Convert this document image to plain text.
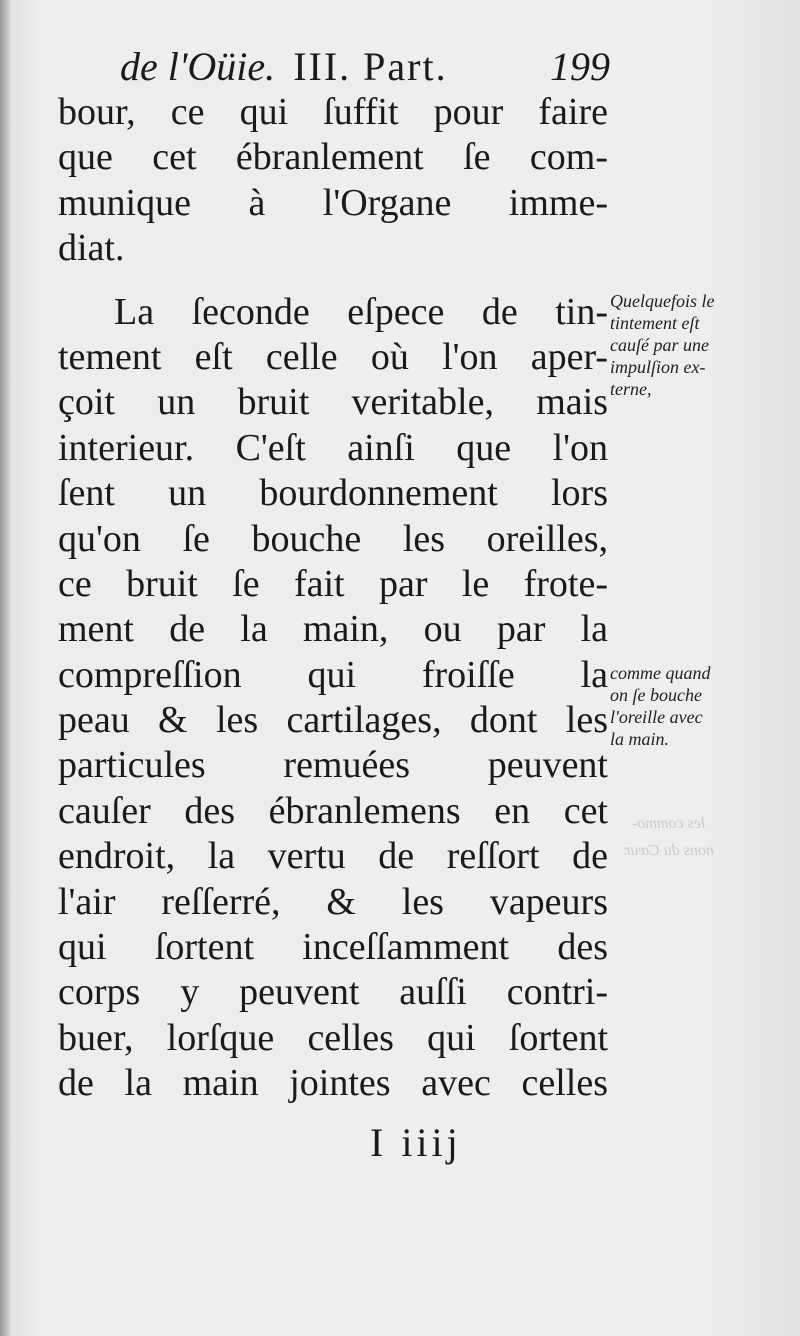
de l'Oüie. III. Part.	199
bour, ce qui ſuffit pour faire
que cet ébranlement ſe com-
munique à l'Organe imme-
diat.
La ſeconde eſpece de tin-
tement eſt celle où l'on aper-
çoit un bruit veritable, mais
interieur. C'eſt ainſi que l'on
ſent un bourdonnement lors
qu'on ſe bouche les oreilles,
ce bruit ſe fait par le frote-
ment de la main, ou par la
compreſſion qui froiſſe la
peau & les cartilages, dont les
particules remuées peuvent
cauſer des ébranlemens en cet
endroit, la vertu de reſſort de
l'air reſſerré, & les vapeurs
qui ſortent inceſſamment des
corps y peuvent auſſi contri-
buer, lorſque celles qui ſortent
de la main jointes avec celles
Quelquefois le
tintement eſt
cauſé par une
impulſion ex-
terne,
comme quand
on ſe bouche
l'oreille avec
la main.
les commo-
nons du Cœur.
I iiij
